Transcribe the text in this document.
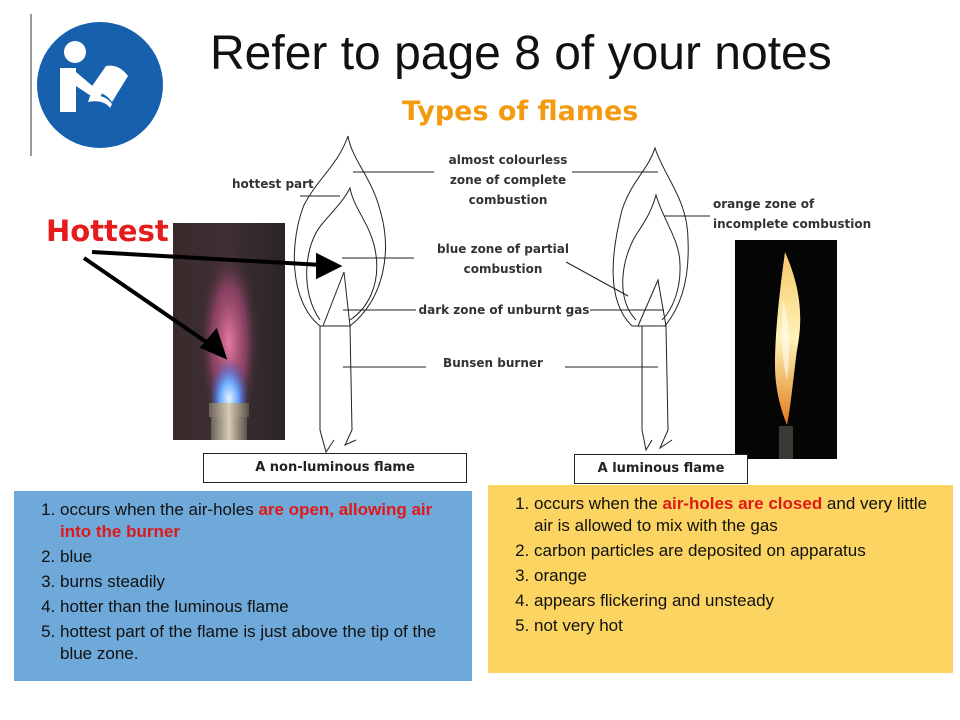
Refer to page 8 of your notes
Types of flames
Hottest
hottest part
almost colourless
zone of complete
combustion
blue zone of partial
combustion
dark zone of unburnt gas
Bunsen burner
orange zone of
incomplete combustion
A non-luminous flame	A luminous flame
1. occurs when the air-holes are open, allowing air into the burner
2. blue
3. burns steadily
4. hotter than the luminous flame
5. hottest part of the flame is just above the tip of the blue zone.
1. occurs when the air-holes are closed and very little air is allowed to mix with the gas
2. carbon particles are deposited on apparatus
3. orange
4. appears flickering and unsteady
5. not very hot
